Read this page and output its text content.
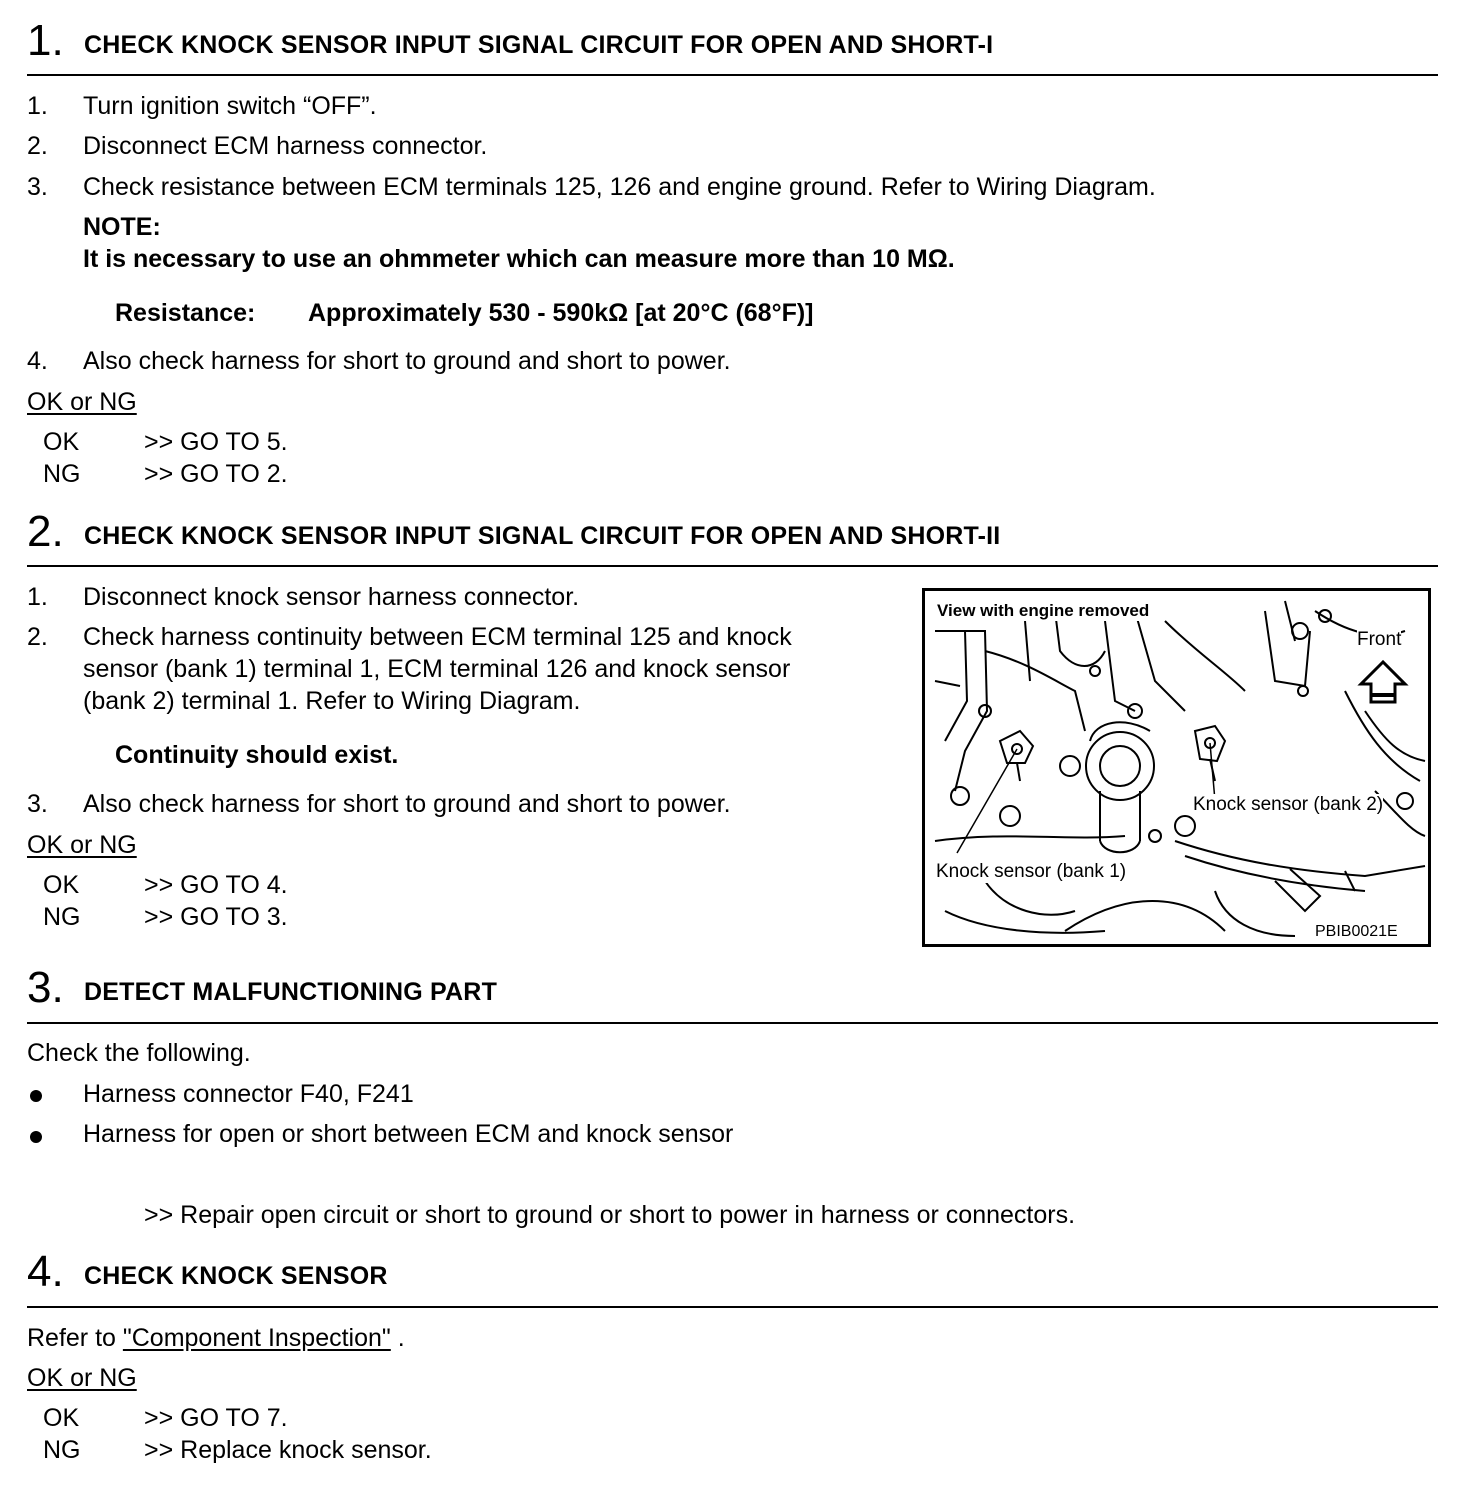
1. CHECK KNOCK SENSOR INPUT SIGNAL CIRCUIT FOR OPEN AND SHORT-I
1. Turn ignition switch “OFF”.
2. Disconnect ECM harness connector.
3. Check resistance between ECM terminals 125, 126 and engine ground. Refer to Wiring Diagram.
NOTE:
It is necessary to use an ohmmeter which can measure more than 10 MΩ.
Resistance: Approximately 530 - 590kΩ [at 20°C (68°F)]
4. Also check harness for short to ground and short to power.
OK or NG
OK	>> GO TO 5.
NG	>> GO TO 2.
2. CHECK KNOCK SENSOR INPUT SIGNAL CIRCUIT FOR OPEN AND SHORT-II
1. Disconnect knock sensor harness connector.
2. Check harness continuity between ECM terminal 125 and knock
sensor (bank 1) terminal 1, ECM terminal 126 and knock sensor
(bank 2) terminal 1. Refer to Wiring Diagram.
Continuity should exist.
3. Also check harness for short to ground and short to power.
OK or NG
OK	>> GO TO 4.
NG	>> GO TO 3.
View with engine removed
Front
Knock sensor (bank 2)
Knock sensor (bank 1)
PBIB0021E
3. DETECT MALFUNCTIONING PART
Check the following.
Harness connector F40, F241
Harness for open or short between ECM and knock sensor
>> Repair open circuit or short to ground or short to power in harness or connectors.
4. CHECK KNOCK SENSOR
Refer to "Component Inspection" .
OK or NG
OK	>> GO TO 7.
NG	>> Replace knock sensor.
